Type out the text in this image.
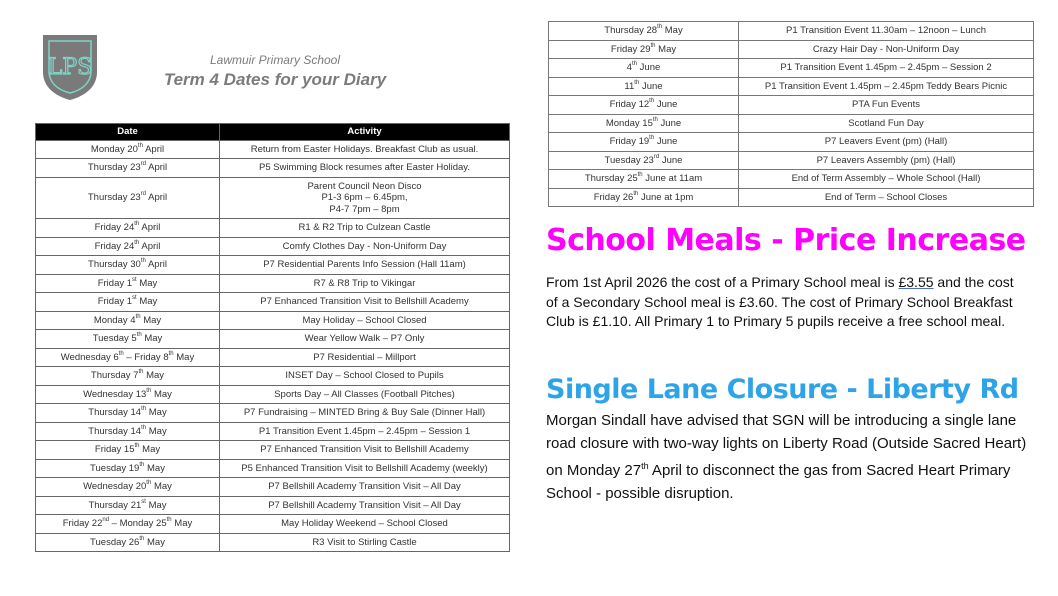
LPS	Lawmuir Primary School
Term 4 Dates for your Diary
Date	Activity
Monday 20th April	Return from Easter Holidays. Breakfast Club as usual.
Thursday 23rd April	P5 Swimming Block resumes after Easter Holiday.
Thursday 23rd April	Parent Council Neon Disco
P1-3 6pm – 6.45pm,
P4-7 7pm – 8pm
Friday 24th April	R1 & R2 Trip to Culzean Castle
Friday 24th April	Comfy Clothes Day - Non-Uniform Day
Thursday 30th April	P7 Residential Parents Info Session (Hall 11am)
Friday 1st May	R7 & R8 Trip to Vikingar
Friday 1st May	P7 Enhanced Transition Visit to Bellshill Academy
Monday 4th May	May Holiday – School Closed
Tuesday 5th May	Wear Yellow Walk – P7 Only
Wednesday 6th – Friday 8th May	P7 Residential – Millport
Thursday 7th May	INSET Day – School Closed to Pupils
Wednesday 13th May	Sports Day – All Classes (Football Pitches)
Thursday 14th May	P7 Fundraising – MINTED Bring & Buy Sale (Dinner Hall)
Thursday 14th May	P1 Transition Event 1.45pm – 2.45pm – Session 1
Friday 15th May	P7 Enhanced Transition Visit to Bellshill Academy
Tuesday 19th May	P5 Enhanced Transition Visit to Bellshill Academy (weekly)
Wednesday 20th May	P7 Bellshill Academy Transition Visit – All Day
Thursday 21st May	P7 Bellshill Academy Transition Visit – All Day
Friday 22nd – Monday 25th May	May Holiday Weekend – School Closed
Tuesday 26th May	R3 Visit to Stirling Castle
Thursday 28th May	P1 Transition Event 11.30am – 12noon – Lunch
Friday 29th May	Crazy Hair Day - Non-Uniform Day
4th June	P1 Transition Event 1.45pm – 2.45pm – Session 2
11th June	P1 Transition Event 1.45pm – 2.45pm Teddy Bears Picnic
Friday 12th June	PTA Fun Events
Monday 15th June	Scotland Fun Day
Friday 19th June	P7 Leavers Event (pm) (Hall)
Tuesday 23rd June	P7 Leavers Assembly (pm) (Hall)
Thursday 25th June at 11am	End of Term Assembly – Whole School (Hall)
Friday 26th June at 1pm	End of Term – School Closes
School Meals - Price Increase
From 1st April 2026 the cost of a Primary School meal is £3.55 and the cost of a Secondary School meal is £3.60. The cost of Primary School Breakfast Club is £1.10. All Primary 1 to Primary 5 pupils receive a free school meal.
Single Lane Closure - Liberty Rd
Morgan Sindall have advised that SGN will be introducing a single lane road closure with two-way lights on Liberty Road (Outside Sacred Heart) on Monday 27th April to disconnect the gas from Sacred Heart Primary School - possible disruption.
